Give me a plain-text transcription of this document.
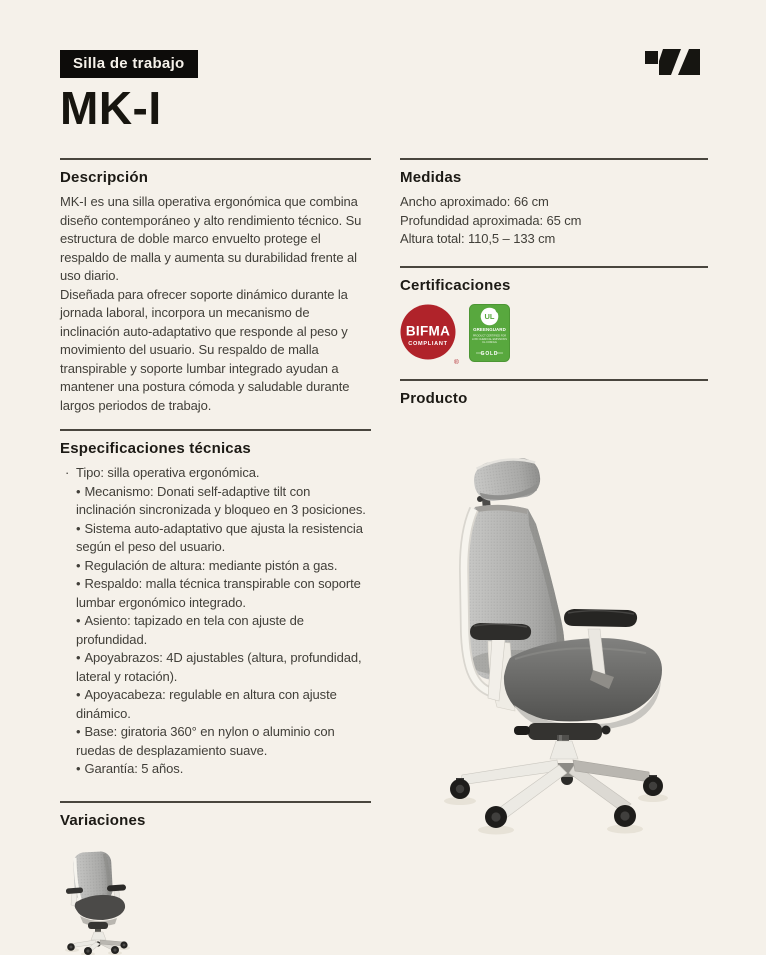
Silla de trabajo
MK-I
Descripción

MK-I es una silla operativa ergonómica que combina diseño contemporáneo y alto rendimiento técnico. Su estructura de doble marco envuelto protege el respaldo de malla y aumenta su durabilidad frente al uso diario.

Diseñada para ofrecer soporte dinámico durante la jornada laboral, incorpora un mecanismo de inclinación auto-adaptativo que responde al peso y movimiento del usuario. Su respaldo de malla transpirable y soporte lumbar integrado ayudan a mantener una postura cómoda y saludable durante largos periodos de trabajo.

Especificaciones técnicas
· Tipo: silla operativa ergonómica.
• Mecanismo: Donati self-adaptive tilt con inclinación sincronizada y bloqueo en 3 posiciones.
• Sistema auto-adaptativo que ajusta la resistencia según el peso del usuario.
• Regulación de altura: mediante pistón a gas.
• Respaldo: malla técnica transpirable con soporte lumbar ergonómico integrado.
• Asiento: tapizado en tela con ajuste de profundidad.
• Apoyabrazos: 4D ajustables (altura, profundidad, lateral y rotación).
• Apoyacabeza: regulable en altura con ajuste dinámico.
• Base: giratoria 360° en nylon o aluminio con ruedas de desplazamiento suave.
• Garantía: 5 años.
Variaciones
Medidas

Ancho aproximado: 66 cm

Profundidad aproximada: 65 cm

Altura total: 110,5 – 133 cm

Certificaciones
BIFMA
COMPLIANT
®
UL
GREENGUARD
PRODUCT CERTIFIED FOR
LOW CHEMICAL EMISSIONS
UL.COM/GG
GOLD
Producto
